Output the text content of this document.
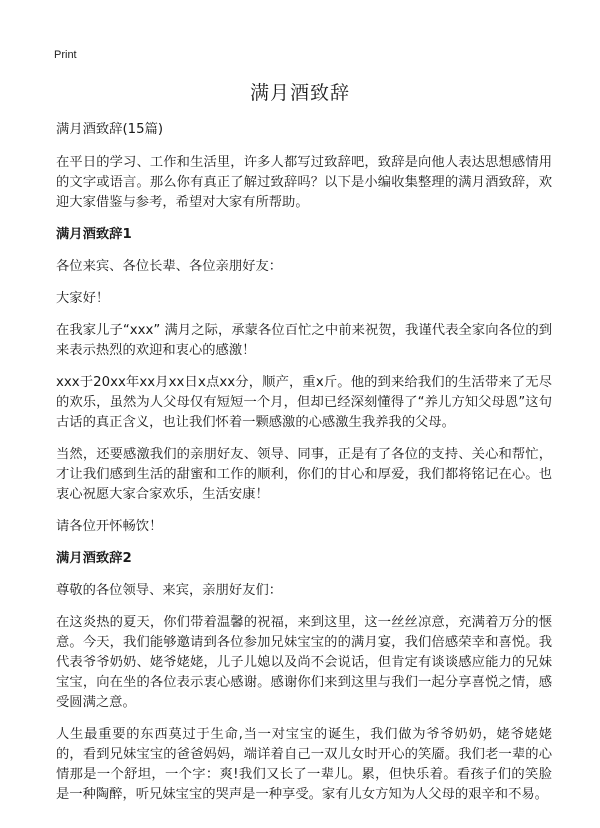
Print
满月酒致辞

满月酒致辞(15篇)

在平日的学习、工作和生活里，许多人都写过致辞吧，致辞是向他人表达思想感情用的文字或语言。那么你有真正了解过致辞吗？以下是小编收集整理的满月酒致辞，欢迎大家借鉴与参考，希望对大家有所帮助。

满月酒致辞1

各位来宾、各位长辈、各位亲朋好友：

大家好！

在我家儿子“xxx” 满月之际，承蒙各位百忙之中前来祝贺，我谨代表全家向各位的到来表示热烈的欢迎和衷心的感激！

xxx于20xx年xx月xx日x点xx分，顺产，重x斤。他的到来给我们的生活带来了无尽的欢乐，虽然为人父母仅有短短一个月，但却已经深刻懂得了“养儿方知父母恩”这句古话的真正含义，也让我们怀着一颗感激的心感激生我养我的父母。

当然，还要感激我们的亲朋好友、领导、同事，正是有了各位的支持、关心和帮忙，才让我们感到生活的甜蜜和工作的顺利，你们的甘心和厚爱，我们都将铭记在心。也衷心祝愿大家合家欢乐，生活安康！

请各位开怀畅饮！

满月酒致辞2

尊敬的各位领导、来宾，亲朋好友们：

在这炎热的夏天，你们带着温馨的祝福，来到这里，这一丝丝凉意，充满着万分的惬意。今天，我们能够邀请到各位参加兄妹宝宝的的满月宴，我们倍感荣幸和喜悦。我代表爷爷奶奶、姥爷姥姥，儿子儿媳以及尚不会说话，但肯定有谈谈感应能力的兄妹宝宝，向在坐的各位表示衷心感谢。感谢你们来到这里与我们一起分享喜悦之情，感受圆满之意。

人生最重要的东西莫过于生命,当一对宝宝的诞生，我们做为爷爷奶奶，姥爷姥姥的，看到兄妹宝宝的爸爸妈妈，端详着自己一双儿女时开心的笑靥。我们老一辈的心情那是一个舒坦，一个字：爽!我们又长了一辈儿。累，但快乐着。看孩子们的笑脸是一种陶醉，听兄妹宝宝的哭声是一种享受。家有儿女方知为人父母的艰辛和不易。
